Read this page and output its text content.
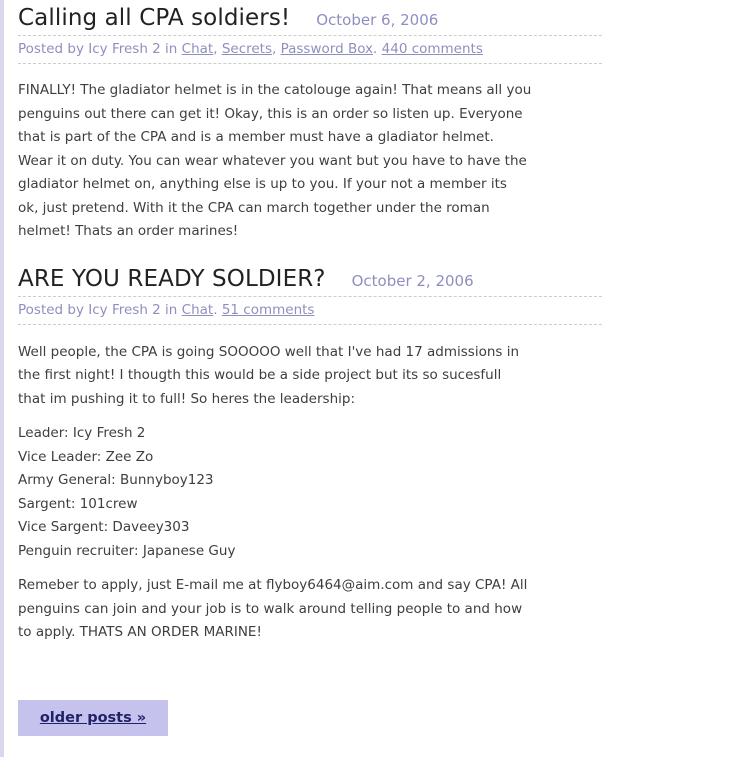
Calling all CPA soldiers! October 6, 2006
Posted by Icy Fresh 2 in Chat, Secrets, Password Box. 440 comments

FINALLY! The gladiator helmet is in the catolouge again! That means all you
penguins out there can get it! Okay, this is an order so listen up. Everyone
that is part of the CPA and is a member must have a gladiator helmet.
Wear it on duty. You can wear whatever you want but you have to have the
gladiator helmet on, anything else is up to you. If your not a member its
ok, just pretend. With it the CPA can march together under the roman
helmet! Thats an order marines!

ARE YOU READY SOLDIER? October 2, 2006
Posted by Icy Fresh 2 in Chat. 51 comments

Well people, the CPA is going SOOOOO well that I've had 17 admissions in
the first night! I thougth this would be a side project but its so sucesfull
that im pushing it to full! So heres the leadership:

Leader: Icy Fresh 2
Vice Leader: Zee Zo
Army General: Bunnyboy123
Sargent: 101crew
Vice Sargent: Daveey303
Penguin recruiter: Japanese Guy

Remeber to apply, just E-mail me at flyboy6464@aim.com and say CPA! All
penguins can join and your job is to walk around telling people to and how
to apply. THATS AN ORDER MARINE!

older posts »
